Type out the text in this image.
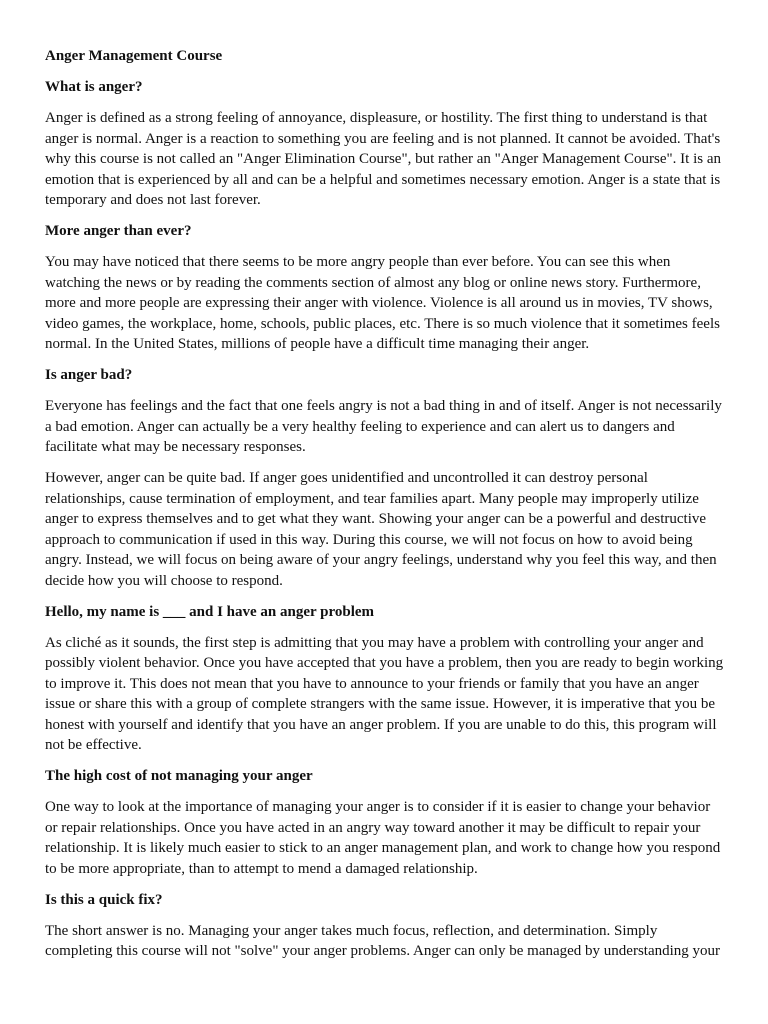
Anger Management Course
What is anger?

Anger is defined as a strong feeling of annoyance, displeasure, or hostility. The first thing to understand is that anger is normal. Anger is a reaction to something you are feeling and is not planned. It cannot be avoided. That's why this course is not called an "Anger Elimination Course", but rather an "Anger Management Course". It is an emotion that is experienced by all and can be a helpful and sometimes necessary emotion. Anger is a state that is temporary and does not last forever.

More anger than ever?

You may have noticed that there seems to be more angry people than ever before. You can see this when watching the news or by reading the comments section of almost any blog or online news story. Furthermore, more and more people are expressing their anger with violence. Violence is all around us in movies, TV shows, video games, the workplace, home, schools, public places, etc. There is so much violence that it sometimes feels normal. In the United States, millions of people have a difficult time managing their anger.

Is anger bad?

Everyone has feelings and the fact that one feels angry is not a bad thing in and of itself. Anger is not necessarily a bad emotion. Anger can actually be a very healthy feeling to experience and can alert us to dangers and facilitate what may be necessary responses.

However, anger can be quite bad. If anger goes unidentified and uncontrolled it can destroy personal relationships, cause termination of employment, and tear families apart. Many people may improperly utilize anger to express themselves and to get what they want. Showing your anger can be a powerful and destructive approach to communication if used in this way. During this course, we will not focus on how to avoid being angry. Instead, we will focus on being aware of your angry feelings, understand why you feel this way, and then decide how you will choose to respond.

Hello, my name is ___ and I have an anger problem

As cliché as it sounds, the first step is admitting that you may have a problem with controlling your anger and possibly violent behavior. Once you have accepted that you have a problem, then you are ready to begin working to improve it. This does not mean that you have to announce to your friends or family that you have an anger issue or share this with a group of complete strangers with the same issue. However, it is imperative that you be honest with yourself and identify that you have an anger problem. If you are unable to do this, this program will not be effective.

The high cost of not managing your anger

One way to look at the importance of managing your anger is to consider if it is easier to change your behavior or repair relationships. Once you have acted in an angry way toward another it may be difficult to repair your relationship. It is likely much easier to stick to an anger management plan, and work to change how you respond to be more appropriate, than to attempt to mend a damaged relationship.

Is this a quick fix?

The short answer is no. Managing your anger takes much focus, reflection, and determination. Simply completing this course will not "solve" your anger problems. Anger can only be managed by understanding your
